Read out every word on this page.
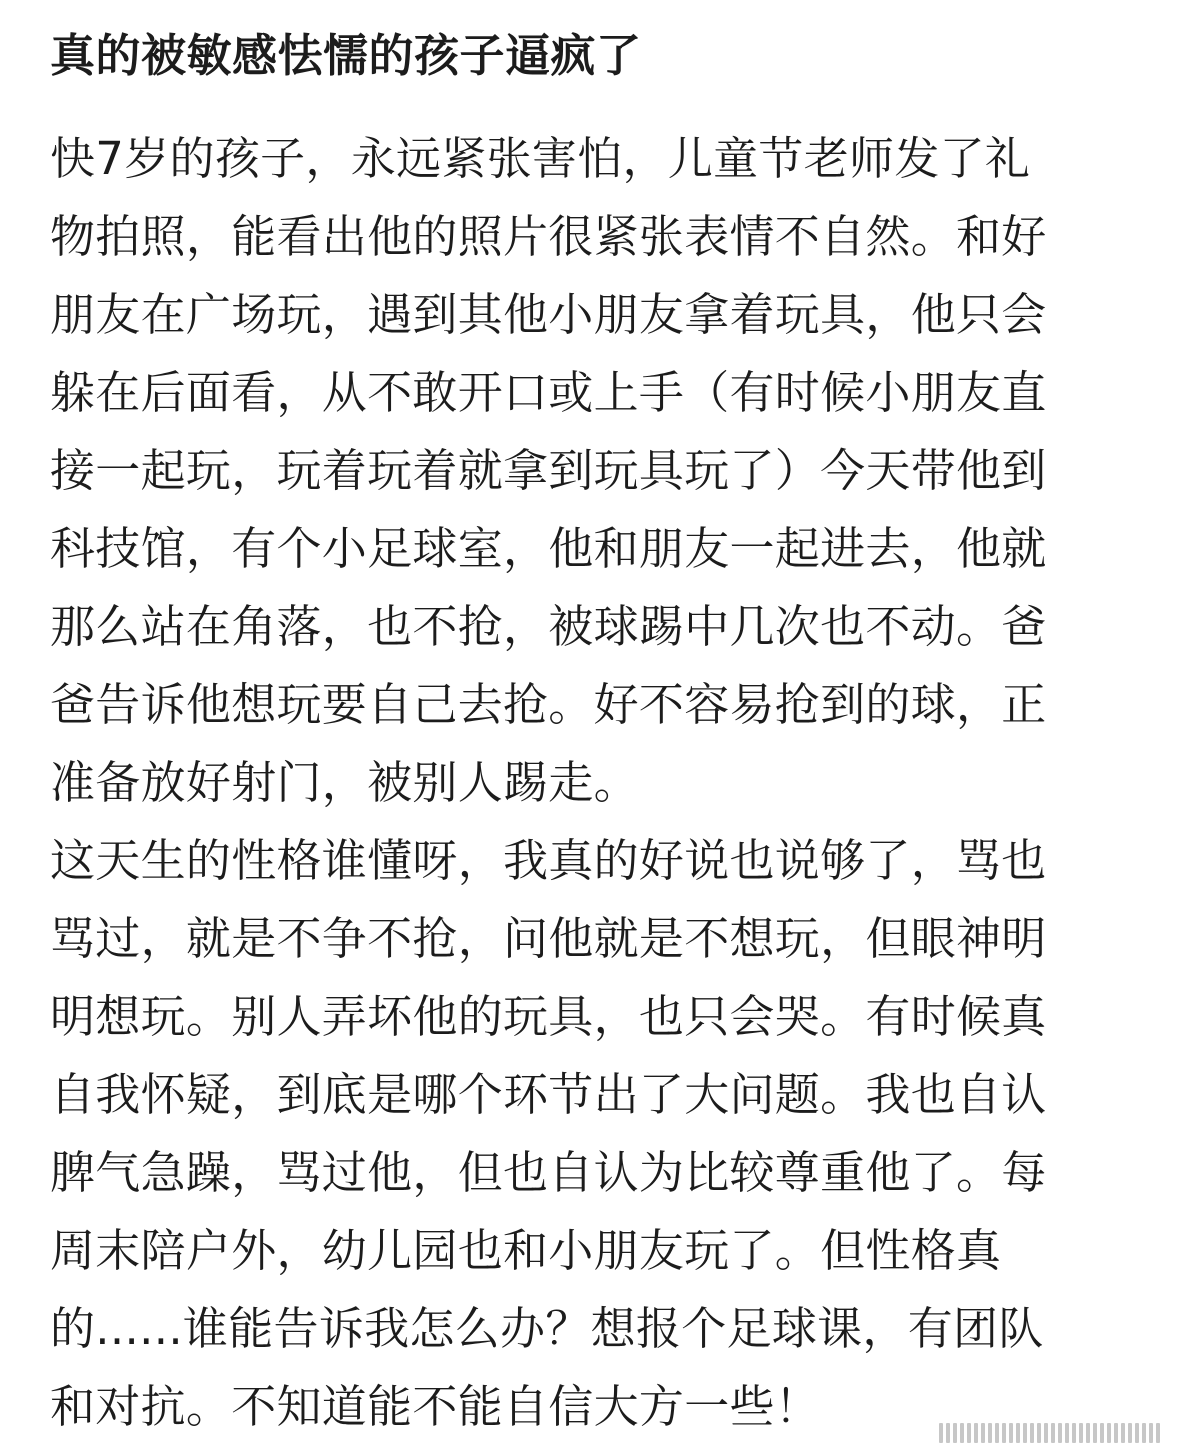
真的被敏感怯懦的孩子逼疯了
快7岁的孩子，永远紧张害怕，儿童节老师发了礼
物拍照，能看出他的照片很紧张表情不自然。和好
朋友在广场玩，遇到其他小朋友拿着玩具，他只会
躲在后面看，从不敢开口或上手（有时候小朋友直
接一起玩，玩着玩着就拿到玩具玩了）今天带他到
科技馆，有个小足球室，他和朋友一起进去，他就
那么站在角落，也不抢，被球踢中几次也不动。爸
爸告诉他想玩要自己去抢。好不容易抢到的球，正
准备放好射门，被别人踢走。
这天生的性格谁懂呀，我真的好说也说够了，骂也
骂过，就是不争不抢，问他就是不想玩，但眼神明
明想玩。别人弄坏他的玩具，也只会哭。有时候真
自我怀疑，到底是哪个环节出了大问题。我也自认
脾气急躁，骂过他，但也自认为比较尊重他了。每
周末陪户外，幼儿园也和小朋友玩了。但性格真
的......谁能告诉我怎么办？想报个足球课，有团队
和对抗。不知道能不能自信大方一些！
